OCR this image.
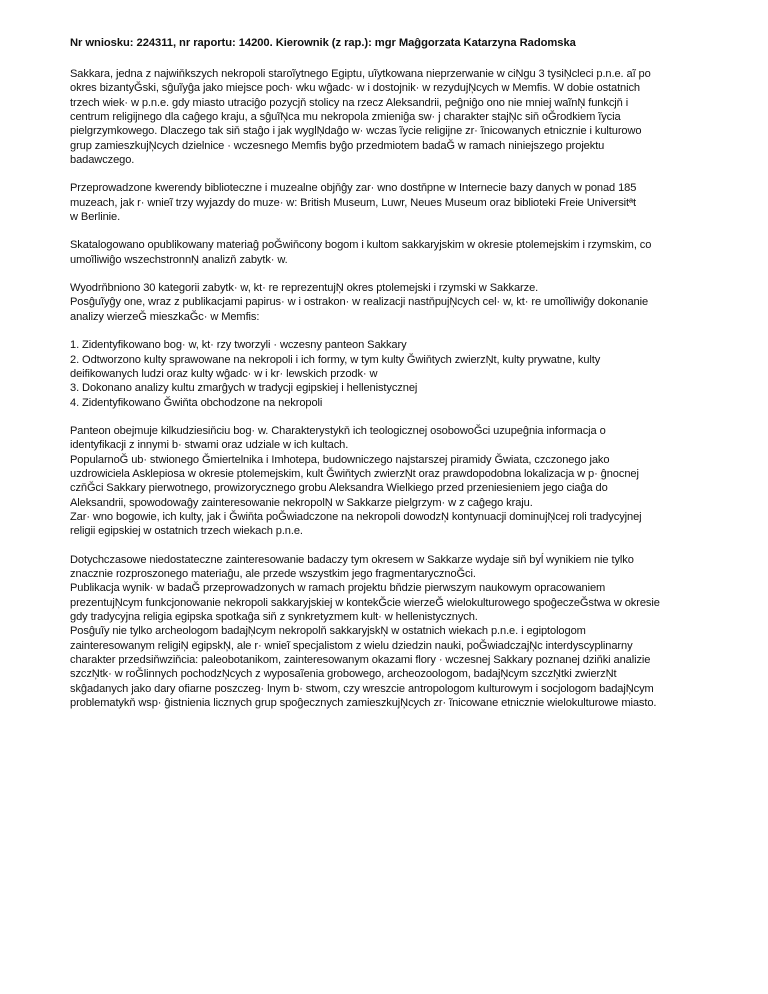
Nr wniosku: 224311, nr raportu: 14200. Kierownik (z rap.): mgr Maĝgorzata Katarzyna Radomska
Sakkara, jedna z najwiňkszych nekropoli staroĩytnego Egiptu, uĩytkowana nieprzerwanie w ciŅgu 3 tysiŅcleci p.n.e. aĩ po
okres bizantyĞski, sĝuĩyĝa jako miejsce poch· wku wĝadc· w i dostojnik· w rezydujŅcych w Memfis. W dobie ostatnich
trzech wiek· w p.n.e. gdy miasto utraciĝo pozycjň stolicy na rzecz Aleksandrii, peĝniĝo ono nie mniej waĩnŅ funkcjň i
centrum religijnego dla caĝego kraju, a sĝuĩŅca mu nekropola zmieniĝa sw· j charakter stajŅc siň oĞrodkiem ĩycia
pielgrzymkowego. Dlaczego tak siň staĝo i jak wyglŅdaĝo w· wczas ĩycie religijne zr· ĩnicowanych etnicznie i kulturowo
grup zamieszkujŅcych dzielnice · wczesnego Memfis byĝo przedmiotem badaĞ w ramach niniejszego projektu
badawczego.
Przeprowadzone kwerendy biblioteczne i muzealne objňĝy zar· wno dostňpne w Internecie bazy danych w ponad 185
muzeach, jak r· wnieĩ trzy wyjazdy do muze· w: British Museum, Luwr, Neues Museum oraz biblioteki Freie Universitªt
w Berlinie.
Skatalogowano opublikowany materiaĝ poĞwiňcony bogom i kultom sakkaryjskim w okresie ptolemejskim i rzymskim, co
umoĩliwiĝo wszechstronnŅ analizň zabytk· w.
Wyodrňbniono 30 kategorii zabytk· w, kt· re reprezentujŅ okres ptolemejski i rzymski w Sakkarze.
Posĝuĩyĝy one, wraz z publikacjami papirus· w i ostrakon· w realizacji nastňpujŅcych cel· w, kt· re umoĩliwiĝy dokonanie
analizy wierzeĞ mieszkaĞc· w Memfis:
1. Zidentyfikowano bog· w, kt· rzy tworzyli · wczesny panteon Sakkary
2. Odtworzono kulty sprawowane na nekropoli i ich formy, w tym kulty Ğwiňtych zwierzŅt, kulty prywatne, kulty
deifikowanych ludzi oraz kulty wĝadc· w i kr· lewskich przodk· w
3. Dokonano analizy kultu zmarĝych w tradycji egipskiej i hellenistycznej
4. Zidentyfikowano Ğwiňta obchodzone na nekropoli
Panteon obejmuje kilkudziesiňciu bog· w. Charakterystykň ich teologicznej osobowoĞci uzupeĝnia informacja o
identyfikacji z innymi b· stwami oraz udziale w ich kultach.
PopularnoĞ ub· stwionego Ğmiertelnika i Imhotepa, budowniczego najstarszej piramidy Ğwiata, czczonego jako
uzdrowiciela Asklepiosa w okresie ptolemejskim, kult Ğwiňtych zwierzŅt oraz prawdopodobna lokalizacja w p· ĝnocnej
czňĞci Sakkary pierwotnego, prowizorycznego grobu Aleksandra Wielkiego przed przeniesieniem jego ciaĝa do
Aleksandrii, spowodowaĝy zainteresowanie nekropolŅ w Sakkarze pielgrzym· w z caĝego kraju.
Zar· wno bogowie, ich kulty, jak i Ğwiňta poĞwiadczone na nekropoli dowodzŅ kontynuacji dominujŅcej roli tradycyjnej
religii egipskiej w ostatnich trzech wiekach p.n.e.
Dotychczasowe niedostateczne zainteresowanie badaczy tym okresem w Sakkarze wydaje siň byĺ wynikiem nie tylko
znacznie rozproszonego materiaĝu, ale przede wszystkim jego fragmentarycznoĞci.
Publikacja wynik· w badaĞ przeprowadzonych w ramach projektu bňdzie pierwszym naukowym opracowaniem
prezentujŅcym funkcjonowanie nekropoli sakkaryjskiej w kontekĞcie wierzeĞ wielokulturowego spoĝeczeĞstwa w okresie
gdy tradycyjna religia egipska spotkaĝa siň z synkretyzmem kult· w hellenistycznych.
Posĝuĩy nie tylko archeologom badajŅcym nekropolň sakkaryjskŅ w ostatnich wiekach p.n.e. i egiptologom
zainteresowanym religiŅ egipskŅ, ale r· wnieĩ specjalistom z wielu dziedzin nauki, poĞwiadczajŅc interdyscyplinarny
charakter przedsiňwziňcia: paleobotanikom, zainteresowanym okazami flory · wczesnej Sakkary poznanej dziňki analizie
szczŅtk· w roĞlinnych pochodzŅcych z wyposaĩenia grobowego, archeozoologom, badajŅcym szczŅtki zwierzŅt
skĝadanych jako dary ofiarne poszczeg· lnym b· stwom, czy wreszcie antropologom kulturowym i socjologom badajŅcym
problematykň wsp· ĝistnienia licznych grup spoĝecznych zamieszkujŅcych zr· ĩnicowane etnicznie wielokulturowe miasto.
